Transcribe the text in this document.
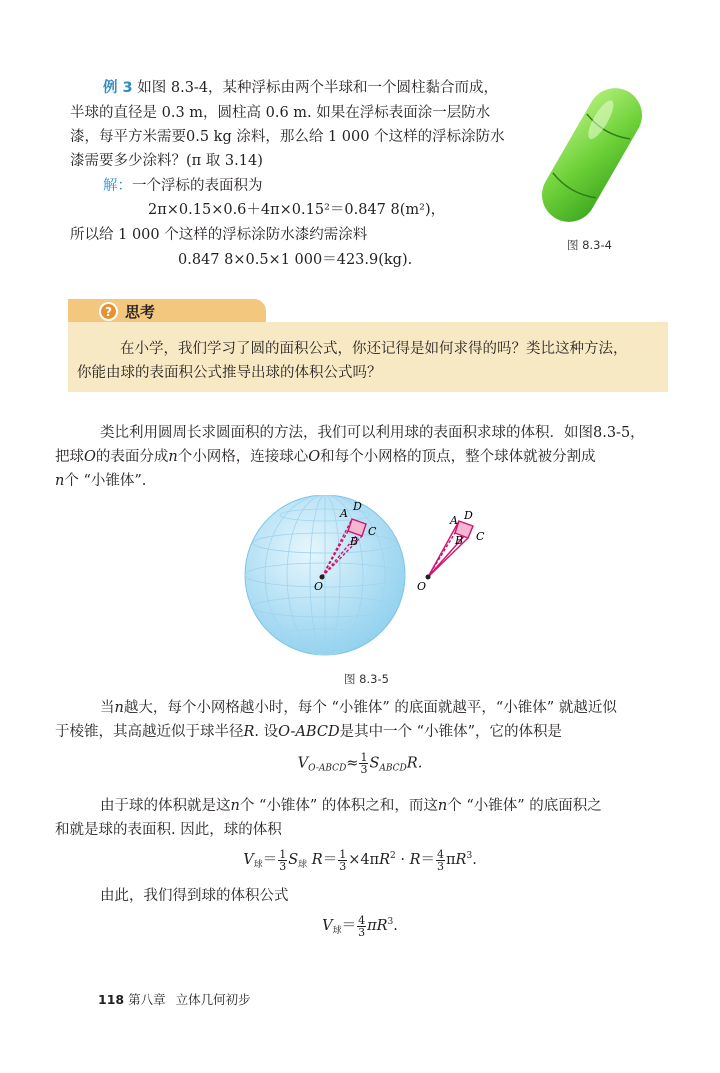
例 3 如图 8.3-4，某种浮标由两个半球和一个圆柱黏合而成，
半球的直径是 0.3 m，圆柱高 0.6 m. 如果在浮标表面涂一层防水
漆，每平方米需要0.5 kg 涂料，那么给 1 000 个这样的浮标涂防水
漆需要多少涂料？(π 取 3.14)
解：一个浮标的表面积为
2π×0.15×0.6＋4π×0.15²＝0.847 8(m²)，
所以给 1 000 个这样的浮标涂防水漆约需涂料
0.847 8×0.5×1 000＝423.9(kg).
图 8.3-4
? 思考
在小学，我们学习了圆的面积公式，你还记得是如何求得的吗？类比这种方法，
你能由球的表面积公式推导出球的体积公式吗？
类比利用圆周长求圆面积的方法，我们可以利用球的表面积求球的体积．如图8.3-5，
把球O的表面分成n个小网格，连接球心O和每个小网格的顶点，整个球体就被分割成
n个 “小锥体”.
A
D
C
B
O
A D
C
B
O
图 8.3-5
当n越大，每个小网格越小时，每个 “小锥体” 的底面就越平，“小锥体” 就越近似
于棱锥，其高越近似于球半径R. 设O-ABCD是其中一个 “小锥体”，它的体积是
$V_{O-ABCD}\approx \frac{1}{3} S_{ABCD}R$.
由于球的体积就是这n个 “小锥体” 的体积之和，而这n个 “小锥体” 的底面积之
和就是球的表面积. 因此，球的体积
$V_球= \frac{1}{3} S_球$ $R= \frac{1}{3} \times 4\pi R^2 \cdot R= \frac{4}{3} \pi R^3$.
由此，我们得到球的体积公式
$V_球= \frac{4}{3} \pi R^3$.
118 第八章 立体几何初步
